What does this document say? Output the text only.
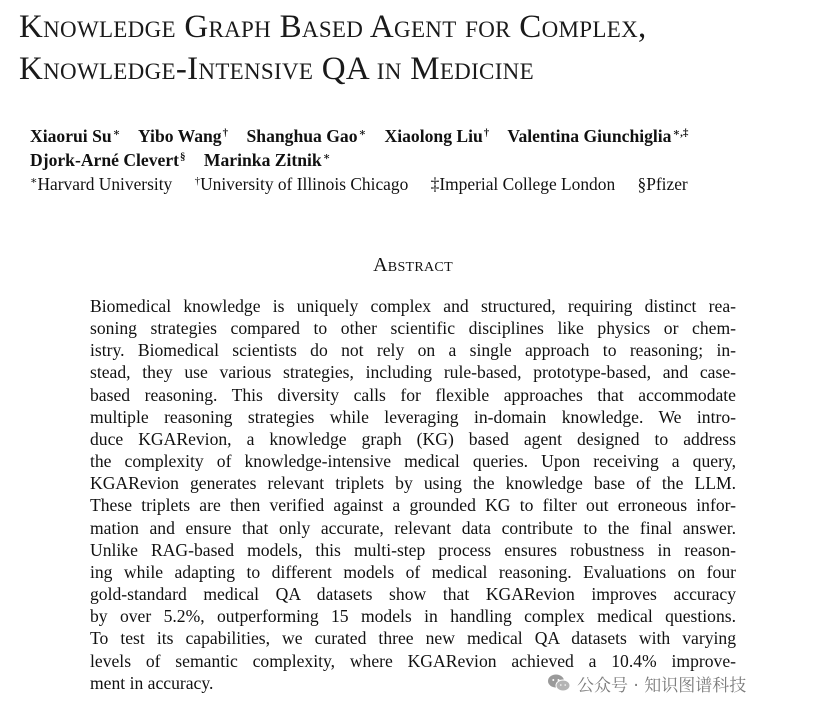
Knowledge Graph Based Agent for Complex,
Knowledge-Intensive QA in Medicine
Xiaorui Su∗ Yibo Wang† Shanghua Gao∗ Xiaolong Liu† Valentina Giunchiglia∗,‡
Djork-Arné Clevert§ Marinka Zitnik∗
∗Harvard University †University of Illinois Chicago ‡Imperial College London §Pfizer
Abstract
Biomedical knowledge is uniquely complex and structured, requiring distinct rea-
soning strategies compared to other scientific disciplines like physics or chem-
istry. Biomedical scientists do not rely on a single approach to reasoning; in-
stead, they use various strategies, including rule-based, prototype-based, and case-
based reasoning. This diversity calls for flexible approaches that accommodate
multiple reasoning strategies while leveraging in-domain knowledge. We intro-
duce KGARevion, a knowledge graph (KG) based agent designed to address
the complexity of knowledge-intensive medical queries. Upon receiving a query,
KGARevion generates relevant triplets by using the knowledge base of the LLM.
These triplets are then verified against a grounded KG to filter out erroneous infor-
mation and ensure that only accurate, relevant data contribute to the final answer.
Unlike RAG-based models, this multi-step process ensures robustness in reason-
ing while adapting to different models of medical reasoning. Evaluations on four
gold-standard medical QA datasets show that KGARevion improves accuracy
by over 5.2%, outperforming 15 models in handling complex medical questions.
To test its capabilities, we curated three new medical QA datasets with varying
levels of semantic complexity, where KGARevion achieved a 10.4% improve-
ment in accuracy.	公众号 · 知识图谱科技
